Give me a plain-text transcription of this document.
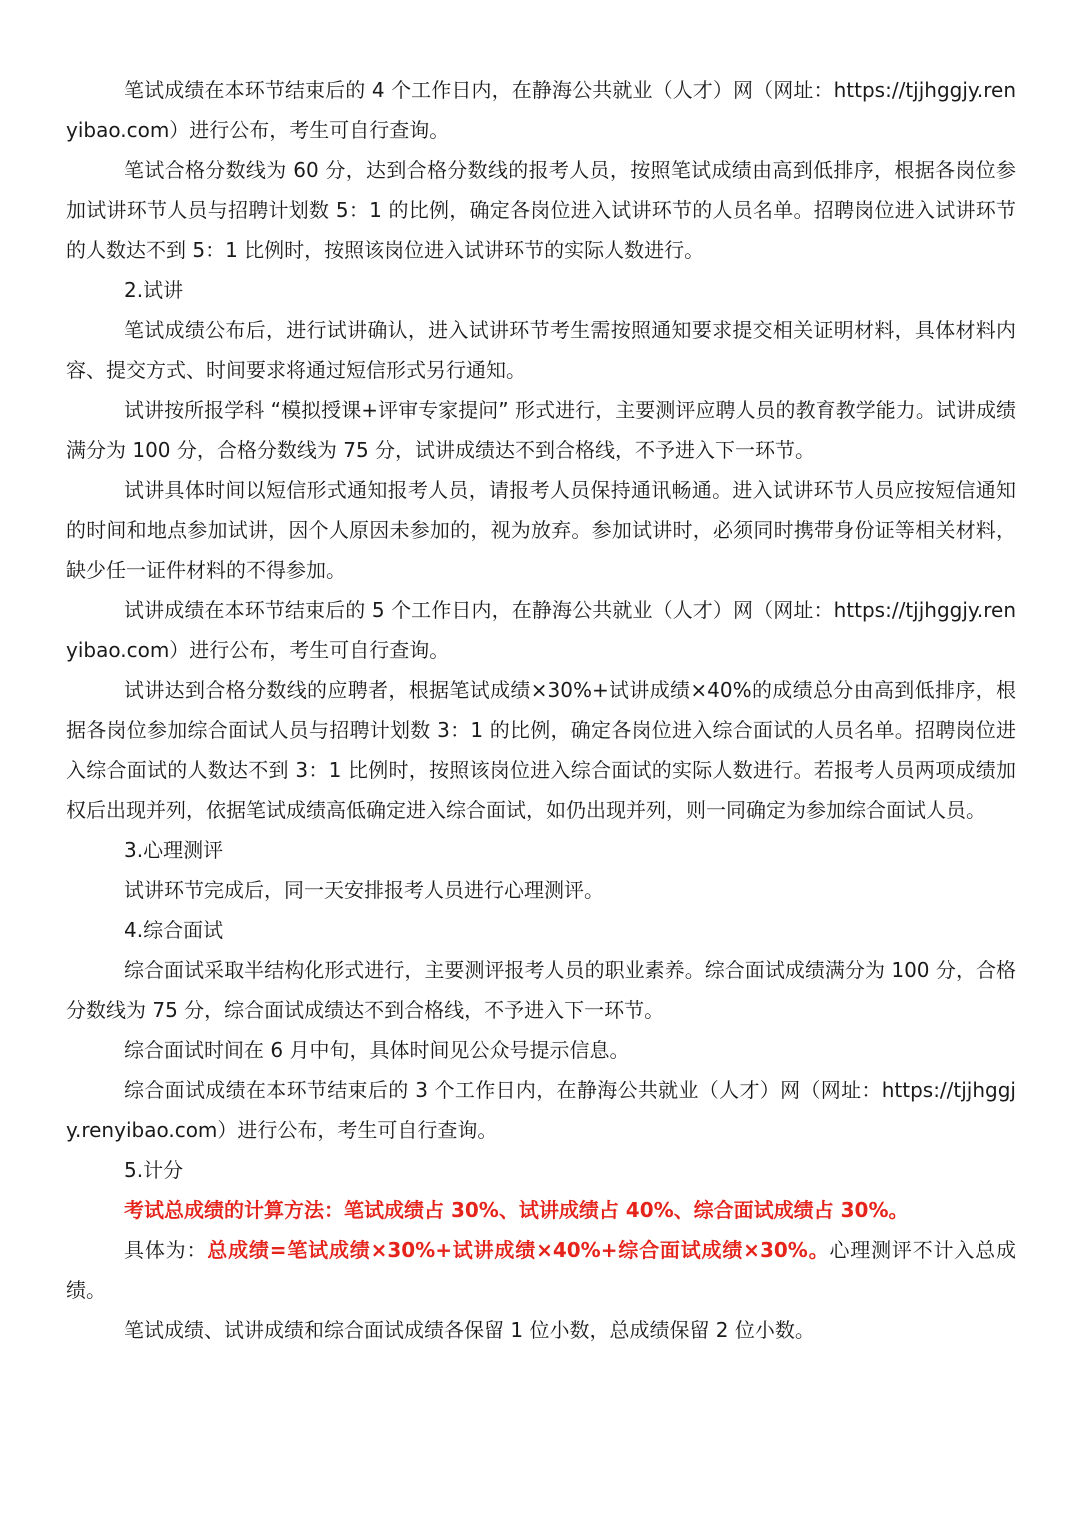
笔试成绩在本环节结束后的 4 个工作日内，在静海公共就业（人才）网（网址：https://tjjhggjy.renyibao.com）进行公布，考生可自行查询。

笔试合格分数线为 60 分，达到合格分数线的报考人员，按照笔试成绩由高到低排序，根据各岗位参加试讲环节人员与招聘计划数 5：1 的比例，确定各岗位进入试讲环节的人员名单。招聘岗位进入试讲环节的人数达不到 5：1 比例时，按照该岗位进入试讲环节的实际人数进行。

2.试讲

笔试成绩公布后，进行试讲确认，进入试讲环节考生需按照通知要求提交相关证明材料，具体材料内容、提交方式、时间要求将通过短信形式另行通知。

试讲按所报学科 “模拟授课+评审专家提问” 形式进行，主要测评应聘人员的教育教学能力。试讲成绩满分为 100 分，合格分数线为 75 分，试讲成绩达不到合格线，不予进入下一环节。

试讲具体时间以短信形式通知报考人员，请报考人员保持通讯畅通。进入试讲环节人员应按短信通知的时间和地点参加试讲，因个人原因未参加的，视为放弃。参加试讲时，必须同时携带身份证等相关材料，缺少任一证件材料的不得参加。

试讲成绩在本环节结束后的 5 个工作日内，在静海公共就业（人才）网（网址：https://tjjhggjy.renyibao.com）进行公布，考生可自行查询。

试讲达到合格分数线的应聘者，根据笔试成绩×30%+试讲成绩×40%的成绩总分由高到低排序，根据各岗位参加综合面试人员与招聘计划数 3：1 的比例，确定各岗位进入综合面试的人员名单。招聘岗位进入综合面试的人数达不到 3：1 比例时，按照该岗位进入综合面试的实际人数进行。若报考人员两项成绩加权后出现并列，依据笔试成绩高低确定进入综合面试，如仍出现并列，则一同确定为参加综合面试人员。

3.心理测评

试讲环节完成后，同一天安排报考人员进行心理测评。

4.综合面试

综合面试采取半结构化形式进行，主要测评报考人员的职业素养。综合面试成绩满分为 100 分，合格分数线为 75 分，综合面试成绩达不到合格线，不予进入下一环节。

综合面试时间在 6 月中旬，具体时间见公众号提示信息。

综合面试成绩在本环节结束后的 3 个工作日内，在静海公共就业（人才）网（网址：https://tjjhggjy.renyibao.com）进行公布，考生可自行查询。

5.计分

考试总成绩的计算方法：笔试成绩占 30%、试讲成绩占 40%、综合面试成绩占 30%。

具体为：总成绩=笔试成绩×30%+试讲成绩×40%+综合面试成绩×30%。心理测评不计入总成绩。

笔试成绩、试讲成绩和综合面试成绩各保留 1 位小数，总成绩保留 2 位小数。
